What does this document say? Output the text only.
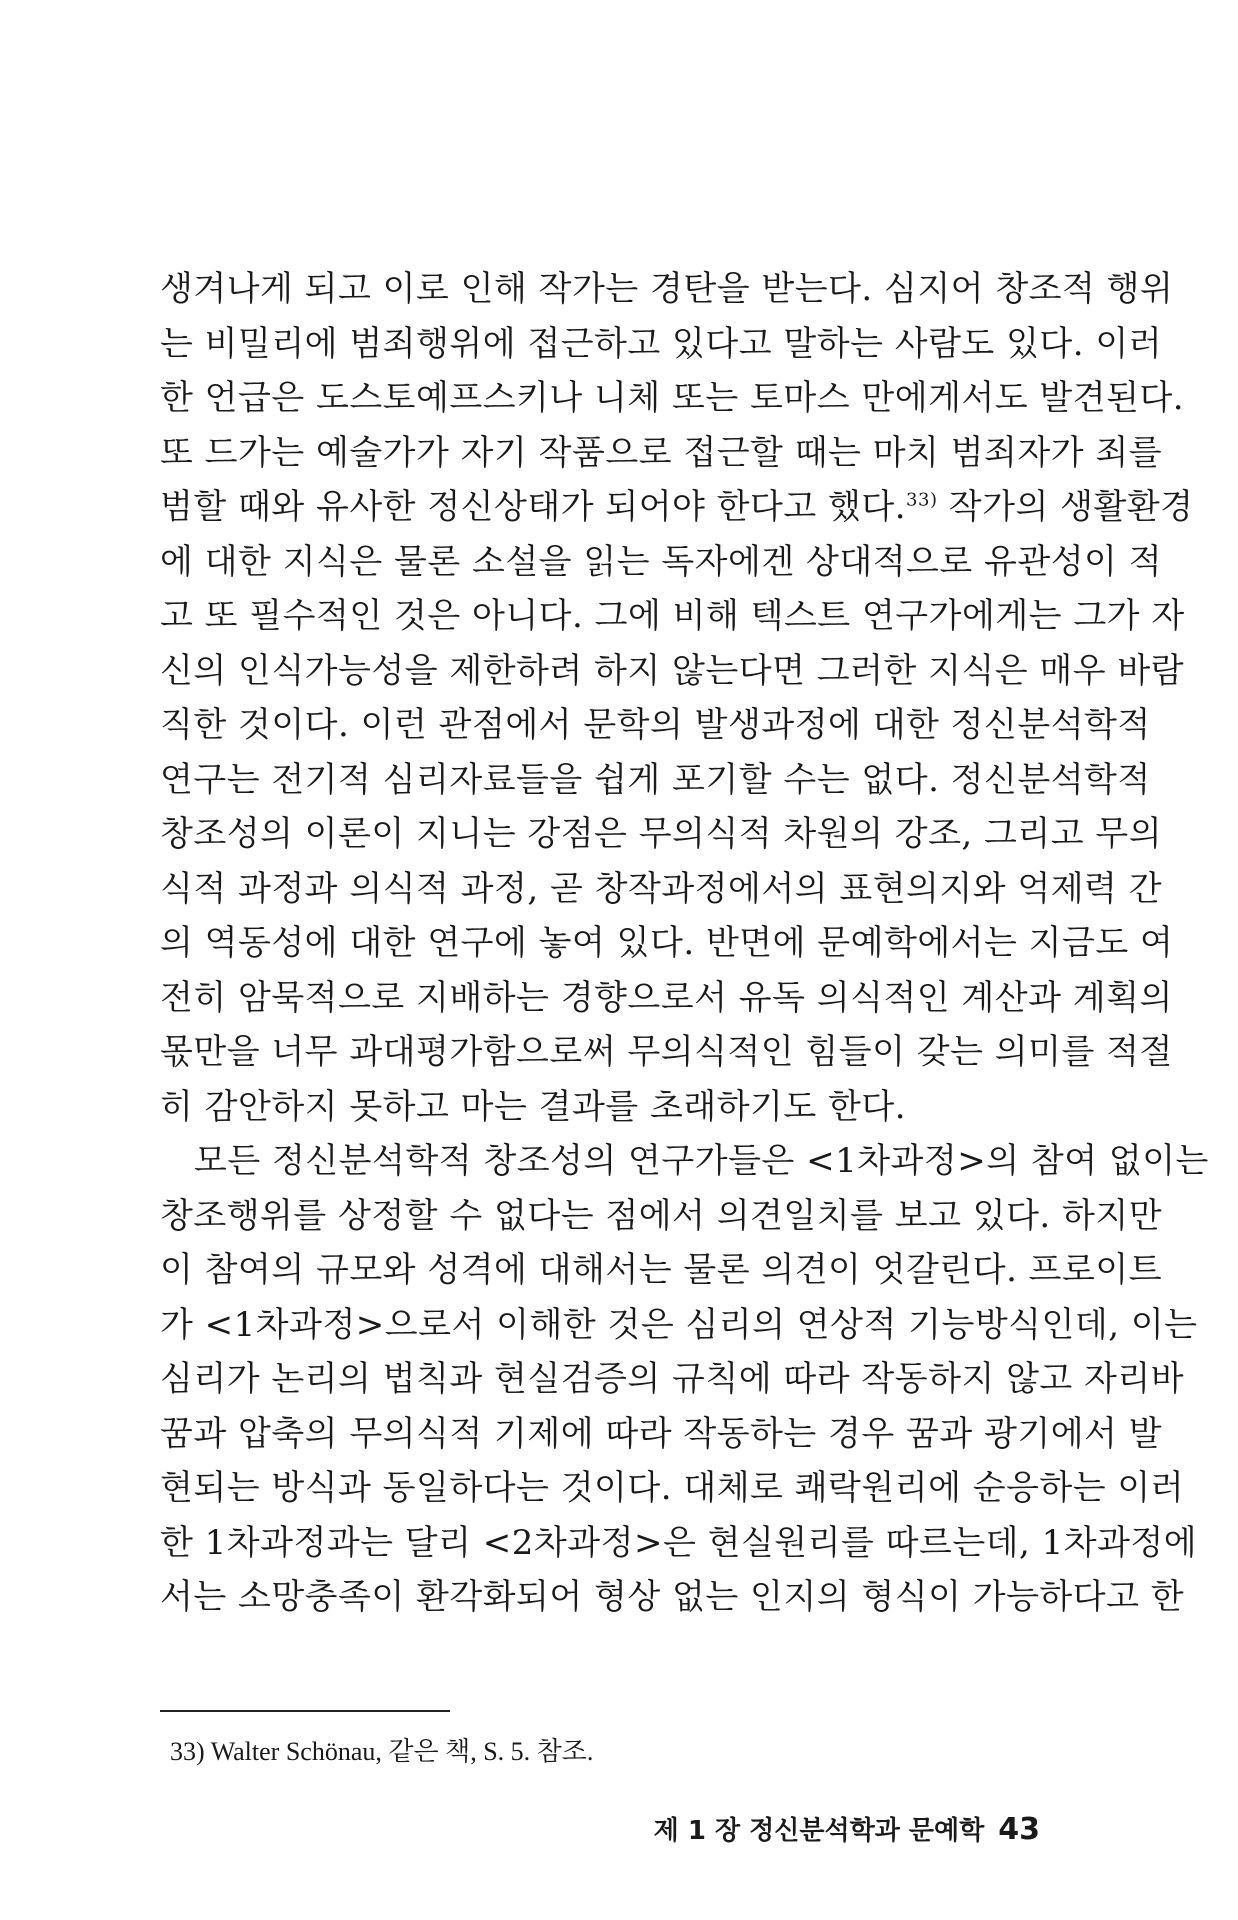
생겨나게 되고 이로 인해 작가는 경탄을 받는다. 심지어 창조적 행위
는 비밀리에 범죄행위에 접근하고 있다고 말하는 사람도 있다. 이러
한 언급은 도스토예프스키나 니체 또는 토마스 만에게서도 발견된다.
또 드가는 예술가가 자기 작품으로 접근할 때는 마치 범죄자가 죄를
범할 때와 유사한 정신상태가 되어야 한다고 했다.$^{33)}$ 작가의 생활환경
에 대한 지식은 물론 소설을 읽는 독자에겐 상대적으로 유관성이 적
고 또 필수적인 것은 아니다. 그에 비해 텍스트 연구가에게는 그가 자
신의 인식가능성을 제한하려 하지 않는다면 그러한 지식은 매우 바람
직한 것이다. 이런 관점에서 문학의 발생과정에 대한 정신분석학적
연구는 전기적 심리자료들을 쉽게 포기할 수는 없다. 정신분석학적
창조성의 이론이 지니는 강점은 무의식적 차원의 강조, 그리고 무의
식적 과정과 의식적 과정, 곧 창작과정에서의 표현의지와 억제력 간
의 역동성에 대한 연구에 놓여 있다. 반면에 문예학에서는 지금도 여
전히 암묵적으로 지배하는 경향으로서 유독 의식적인 계산과 계획의
몫만을 너무 과대평가함으로써 무의식적인 힘들이 갖는 의미를 적절
히 감안하지 못하고 마는 결과를 초래하기도 한다.
모든 정신분석학적 창조성의 연구가들은 <1차과정>의 참여 없이는
창조행위를 상정할 수 없다는 점에서 의견일치를 보고 있다. 하지만
이 참여의 규모와 성격에 대해서는 물론 의견이 엇갈린다. 프로이트
가 <1차과정>으로서 이해한 것은 심리의 연상적 기능방식인데, 이는
심리가 논리의 법칙과 현실검증의 규칙에 따라 작동하지 않고 자리바
꿈과 압축의 무의식적 기제에 따라 작동하는 경우 꿈과 광기에서 발
현되는 방식과 동일하다는 것이다. 대체로 쾌락원리에 순응하는 이러
한 1차과정과는 달리 <2차과정>은 현실원리를 따르는데, 1차과정에
서는 소망충족이 환각화되어 형상 없는 인지의 형식이 가능하다고 한
33) Walter Schönau, 같은 책, S. 5. 참조.
제 1 장 정신분석학과 문예학 43
